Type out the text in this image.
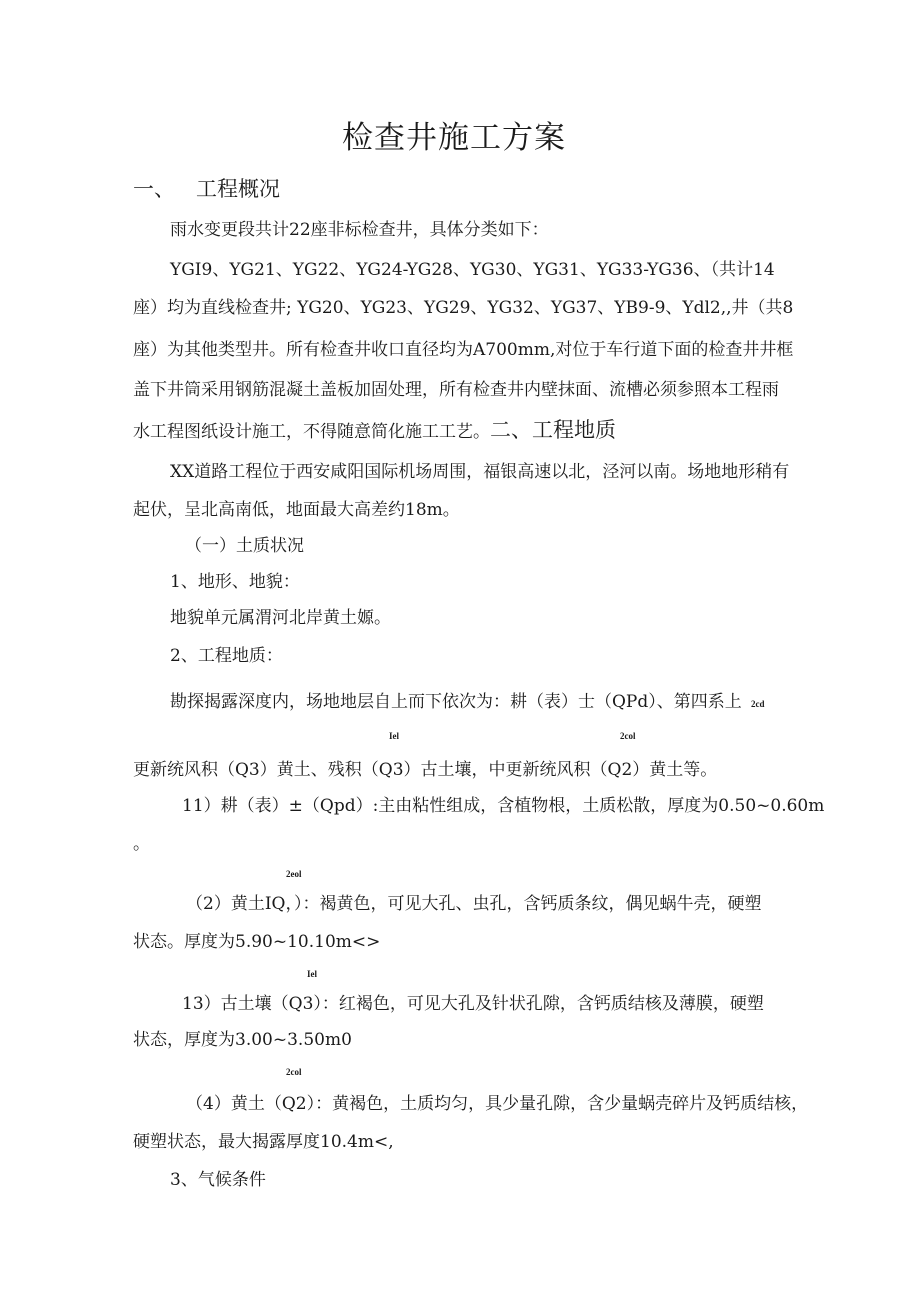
检查井施工方案
一、 工程概况
雨水变更段共计22座非标检查井，具体分类如下：
YGI9、YG21、YG22、YG24-YG28、YG30、YG31、YG33-YG36、（共计14
座）均为直线检查井; YG20、YG23、YG29、YG32、YG37、YB9-9、Ydl2,,井（共8
座）为其他类型井。所有检查井收口直径均为A700mm,对位于车行道下面的检查井井框
盖下井筒采用钢筋混凝土盖板加固处理，所有检查井内壁抹面、流槽必须参照本工程雨
水工程图纸设计施工，不得随意简化施工工艺。二、工程地质
XX道路工程位于西安咸阳国际机场周围，福银高速以北，泾河以南。场地地形稍有
起伏，呈北高南低，地面最大高差约18m。
（一）土质状况
1、地形、地貌：
地貌单元属渭河北岸黄土嫄。
2、工程地质：
勘探揭露深度内，场地地层自上而下依次为：耕（表）士（QPd）、第四系上 2cd
Iel	2col
更新统风积（Q3）黄土、残积（Q3）古土壤，中更新统风积（Q2）黄土等。
11）耕（表）±（Qpd）:主由粘性组成，含植物根，土质松散，厚度为0.50~0.60m
。
2eol
（2）黄土IQ，）：褐黄色，可见大孔、虫孔，含钙质条纹，偶见蜗牛壳，硬塑
状态。厚度为5.90~10.10m<>
Iel
13）古土壤（Q3）：红褐色，可见大孔及针状孔隙，含钙质结核及薄膜，硬塑
状态，厚度为3.00~3.50m0
2col
（4）黄土（Q2）：黄褐色，土质均匀，具少量孔隙，含少量蜗壳碎片及钙质结核，
硬塑状态，最大揭露厚度10.4m<,
3、气候条件
